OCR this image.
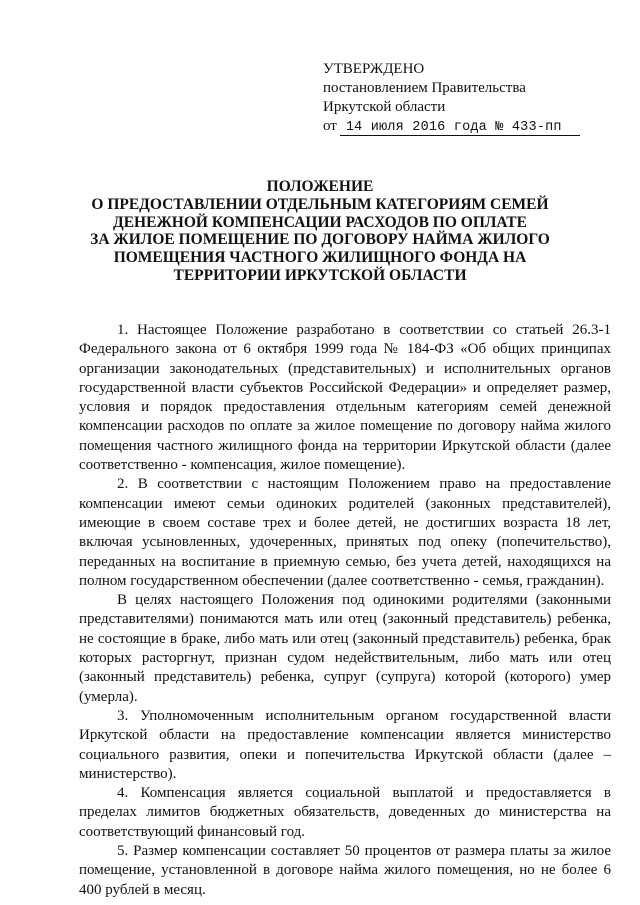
УТВЕРЖДЕНО
постановлением Правительства
Иркутской области
от 14 июля 2016 года № 433-пп
ПОЛОЖЕНИЕ
О ПРЕДОСТАВЛЕНИИ ОТДЕЛЬНЫМ КАТЕГОРИЯМ СЕМЕЙ
ДЕНЕЖНОЙ КОМПЕНСАЦИИ РАСХОДОВ ПО ОПЛАТЕ
ЗА ЖИЛОЕ ПОМЕЩЕНИЕ ПО ДОГОВОРУ НАЙМА ЖИЛОГО
ПОМЕЩЕНИЯ ЧАСТНОГО ЖИЛИЩНОГО ФОНДА НА
ТЕРРИТОРИИ ИРКУТСКОЙ ОБЛАСТИ

1. Настоящее Положение разработано в соответствии со статьей 26.3-1 Федерального закона от 6 октября 1999 года № 184-ФЗ «Об общих принципах организации законодательных (представительных) и исполнительных органов государственной власти субъектов Российской Федерации» и определяет размер, условия и порядок предоставления отдельным категориям семей денежной компенсации расходов по оплате за жилое помещение по договору найма жилого помещения частного жилищного фонда на территории Иркутской области (далее соответственно - компенсация, жилое помещение).

2. В соответствии с настоящим Положением право на предоставление компенсации имеют семьи одиноких родителей (законных представителей), имеющие в своем составе трех и более детей, не достигших возраста 18 лет, включая усыновленных, удочеренных, принятых под опеку (попечительство), переданных на воспитание в приемную семью, без учета детей, находящихся на полном государственном обеспечении (далее соответственно - семья, гражданин).

В целях настоящего Положения под одинокими родителями (законными представителями) понимаются мать или отец (законный представитель) ребенка, не состоящие в браке, либо мать или отец (законный представитель) ребенка, брак которых расторгнут, признан судом недействительным, либо мать или отец (законный представитель) ребенка, супруг (супруга) которой (которого) умер (умерла).

3. Уполномоченным исполнительным органом государственной власти Иркутской области на предоставление компенсации является министерство социального развития, опеки и попечительства Иркутской области (далее – министерство).

4. Компенсация является социальной выплатой и предоставляется в пределах лимитов бюджетных обязательств, доведенных до министерства на соответствующий финансовый год.

5. Размер компенсации составляет 50 процентов от размера платы за жилое помещение, установленной в договоре найма жилого помещения, но не более 6 400 рублей в месяц.
